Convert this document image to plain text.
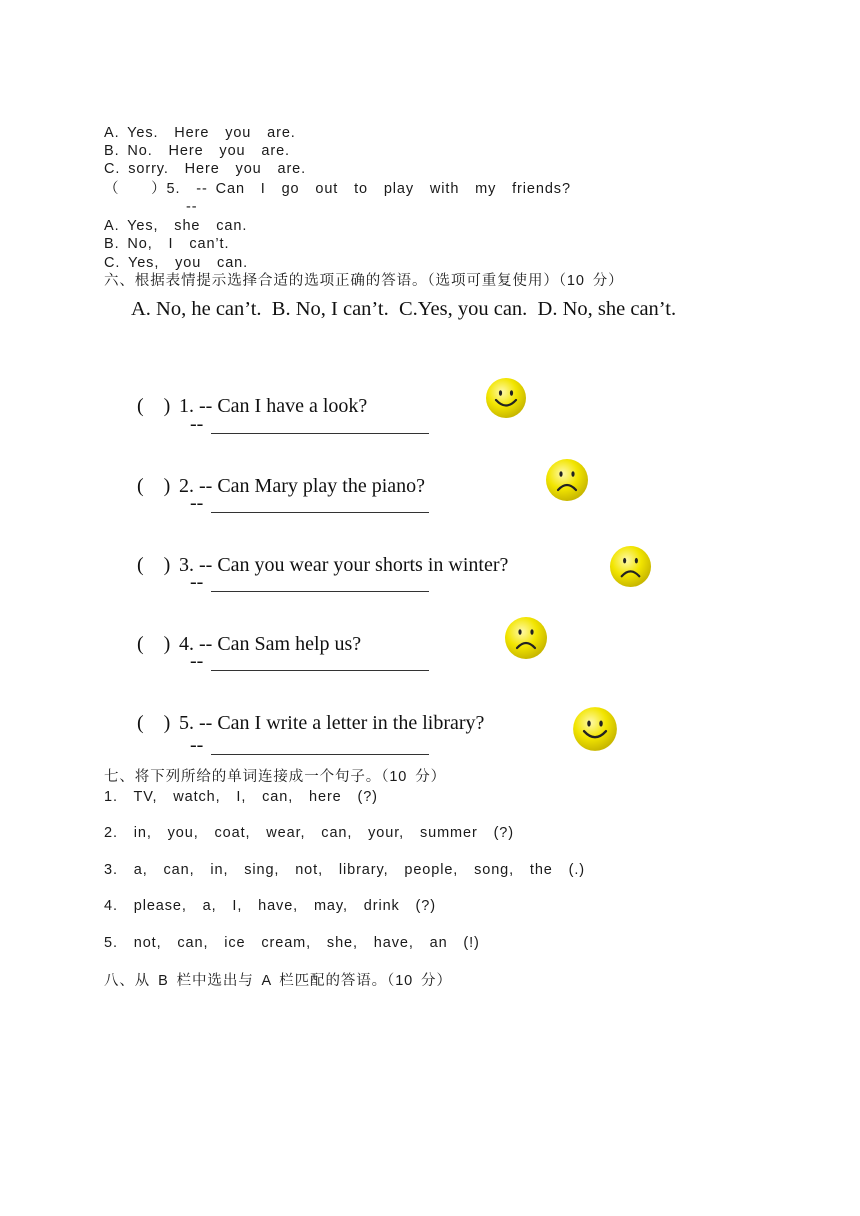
A. Yes.  Here  you  are.
B. No.  Here  you  are.
C. sorry.  Here  you  are.
（    ）5.  -- Can  I  go  out  to  play  with  my  friends?
--
A. Yes,  she  can.
B. No,  I  can’t.
C. Yes,  you  can.
六、根据表情提示选择合适的选项正确的答语。（选项可重复使用）（10 分）
A. No, he can’t.  B. No, I can’t.  C.Yes, you can.  D. No, she can’t.

(    ) 1. -- Can I have a look?

--

(    ) 2. -- Can Mary play the piano?

--

(    ) 3. -- Can you wear your shorts in winter?

--

(    ) 4. -- Can Sam help us?

--

(    ) 5. -- Can I write a letter in the library?

--
七、将下列所给的单词连接成一个句子。（10 分）
1.  TV,  watch,  I,  can,  here  (?)
2.  in,  you,  coat,  wear,  can,  your,  summer  (?)
3.  a,  can,  in,  sing,  not,  library,  people,  song,  the  (.)
4.  please,  a,  I,  have,  may,  drink  (?)
5.  not,  can,  ice  cream,  she,  have,  an  (!)
八、从 B 栏中选出与 A 栏匹配的答语。（10 分）
